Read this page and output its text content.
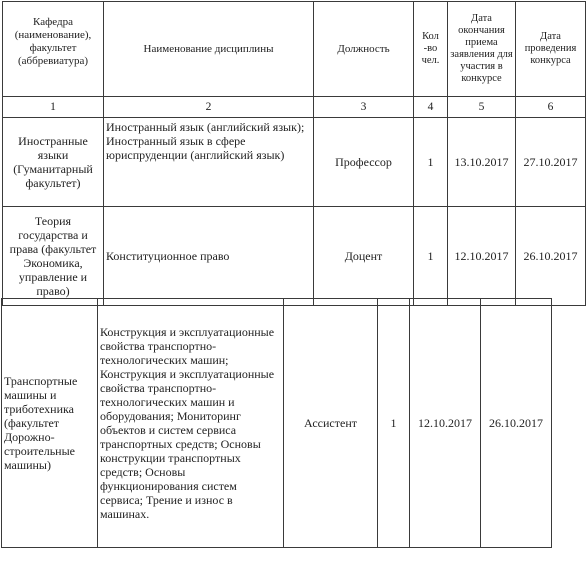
Кафедра (наименование), факультет (аббревиатура)	Наименование дисциплины	Должность	Кол -во чел.	Дата окончания приема заявления для участия в конкурсе	Дата проведения конкурса
1	2	3	4	5	6
Иностранные языки (Гуманитарный факультет)	Иностранный язык (английский язык); Иностранный язык в сфере юриспруденции (английский язык)	Профессор	1	13.10.2017	27.10.2017
Теория государства и права (факультет Экономика, управление и право)	Конституционное право	Доцент	1	12.10.2017	26.10.2017
Транспортные машины и триботехника (факультет Дорожно-строительные машины)	Конструкция и эксплуатационные свойства транспортно-технологических машин; Конструкция и эксплуатационные свойства транспортно-технологических машин и оборудования; Мониторинг объектов и систем сервиса транспортных средств; Основы конструкции транспортных средств; Основы функционирования систем сервиса; Трение и износ в машинах.	Ассистент	1	12.10.2017	26.10.2017
